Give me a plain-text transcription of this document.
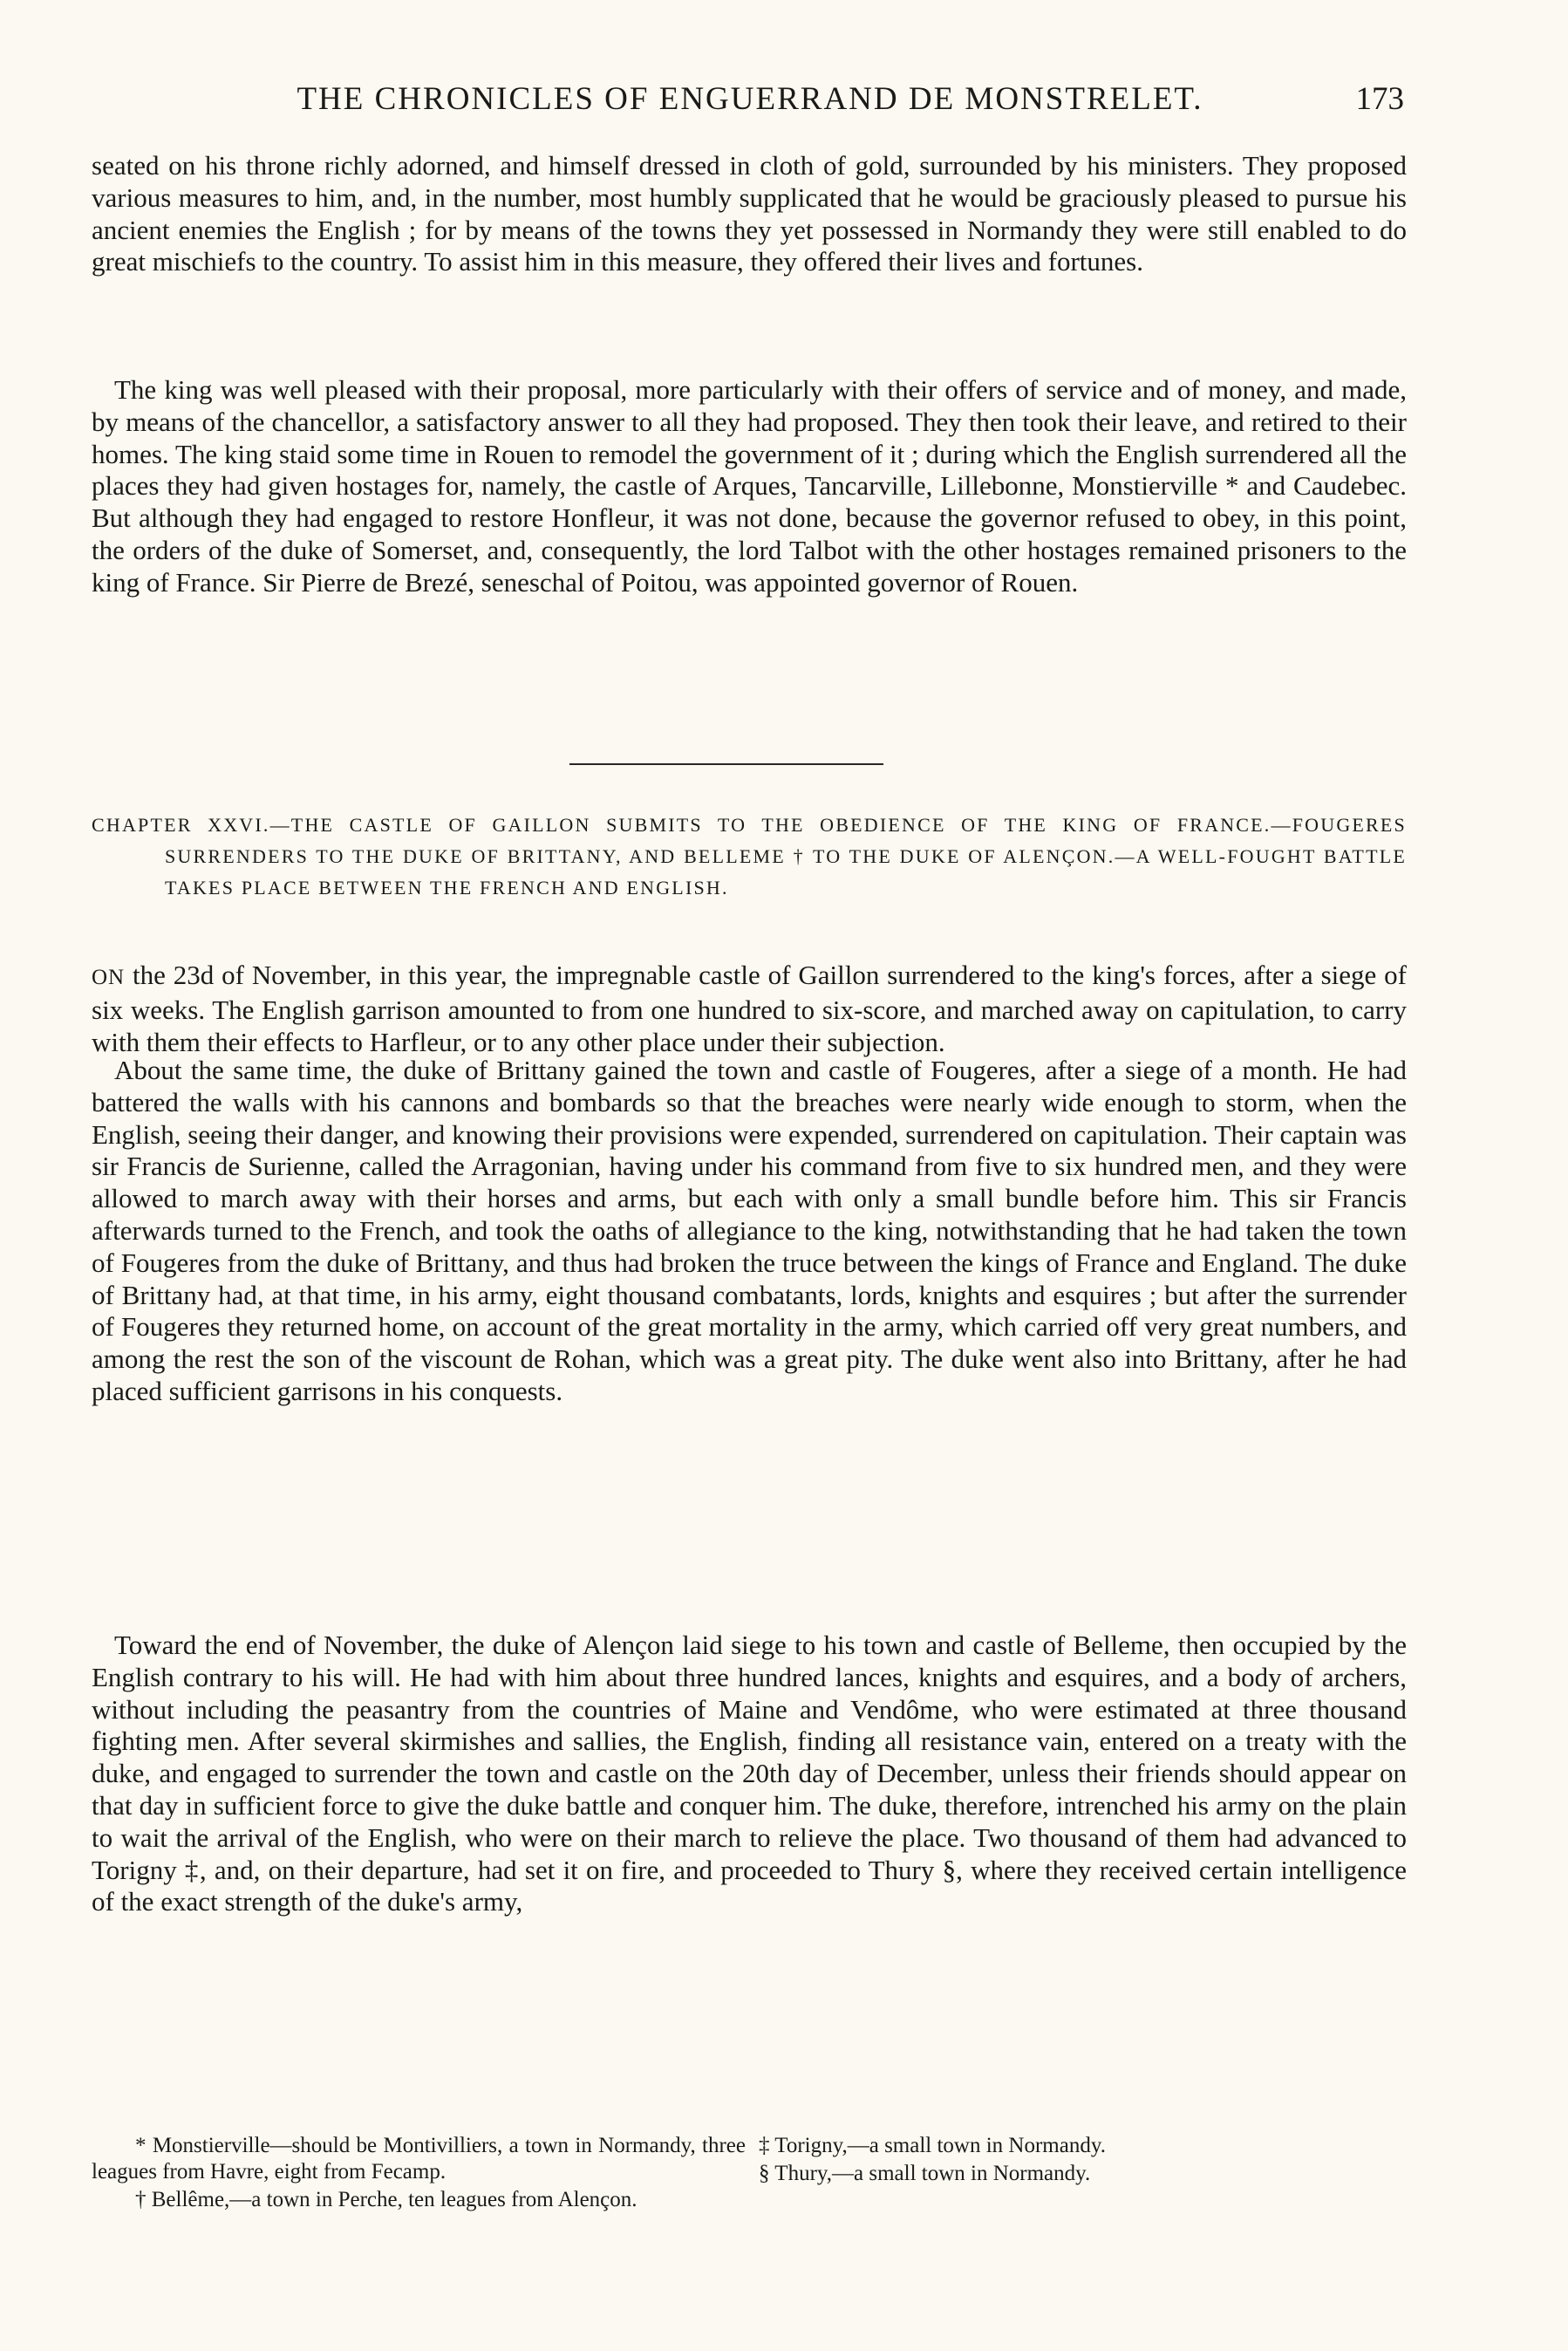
THE CHRONICLES OF ENGUERRAND DE MONSTRELET.	173

seated on his throne richly adorned, and himself dressed in cloth of gold, surrounded by his ministers. They proposed various measures to him, and, in the number, most humbly supplicated that he would be graciously pleased to pursue his ancient enemies the English ; for by means of the towns they yet possessed in Normandy they were still enabled to do great mischiefs to the country. To assist him in this measure, they offered their lives and fortunes.

The king was well pleased with their proposal, more particularly with their offers of service and of money, and made, by means of the chancellor, a satisfactory answer to all they had proposed. They then took their leave, and retired to their homes. The king staid some time in Rouen to remodel the government of it ; during which the English surrendered all the places they had given hostages for, namely, the castle of Arques, Tancarville, Lillebonne, Monstierville * and Caudebec. But although they had engaged to restore Honfleur, it was not done, because the governor refused to obey, in this point, the orders of the duke of Somerset, and, consequently, the lord Talbot with the other hostages remained prisoners to the king of France. Sir Pierre de Brezé, seneschal of Poitou, was appointed governor of Rouen.

CHAPTER XXVI.—THE CASTLE OF GAILLON SUBMITS TO THE OBEDIENCE OF THE KING OF FRANCE.—FOUGERES SURRENDERS TO THE DUKE OF BRITTANY, AND BELLEME † TO THE DUKE OF ALENÇON.—A WELL-FOUGHT BATTLE TAKES PLACE BETWEEN THE FRENCH AND ENGLISH.

ON the 23d of November, in this year, the impregnable castle of Gaillon surrendered to the king's forces, after a siege of six weeks. The English garrison amounted to from one hundred to six-score, and marched away on capitulation, to carry with them their effects to Harfleur, or to any other place under their subjection.

About the same time, the duke of Brittany gained the town and castle of Fougeres, after a siege of a month. He had battered the walls with his cannons and bombards so that the breaches were nearly wide enough to storm, when the English, seeing their danger, and knowing their provisions were expended, surrendered on capitulation. Their captain was sir Francis de Surienne, called the Arragonian, having under his command from five to six hundred men, and they were allowed to march away with their horses and arms, but each with only a small bundle before him. This sir Francis afterwards turned to the French, and took the oaths of allegiance to the king, notwithstanding that he had taken the town of Fougeres from the duke of Brittany, and thus had broken the truce between the kings of France and England. The duke of Brittany had, at that time, in his army, eight thousand combatants, lords, knights and esquires ; but after the surrender of Fougeres they returned home, on account of the great mortality in the army, which carried off very great numbers, and among the rest the son of the viscount de Rohan, which was a great pity. The duke went also into Brittany, after he had placed sufficient garrisons in his conquests.

Toward the end of November, the duke of Alençon laid siege to his town and castle of Belleme, then occupied by the English contrary to his will. He had with him about three hundred lances, knights and esquires, and a body of archers, without including the peasantry from the countries of Maine and Vendôme, who were estimated at three thousand fighting men. After several skirmishes and sallies, the English, finding all resistance vain, entered on a treaty with the duke, and engaged to surrender the town and castle on the 20th day of December, unless their friends should appear on that day in sufficient force to give the duke battle and conquer him. The duke, therefore, intrenched his army on the plain to wait the arrival of the English, who were on their march to relieve the place. Two thousand of them had advanced to Torigny ‡, and, on their departure, had set it on fire, and proceeded to Thury §, where they received certain intelligence of the exact strength of the duke's army,

* Monstierville—should be Montivilliers, a town in Normandy, three leagues from Havre, eight from Fecamp.

† Bellême,—a town in Perche, ten leagues from Alençon.

‡ Torigny,—a small town in Normandy.

§ Thury,—a small town in Normandy.
